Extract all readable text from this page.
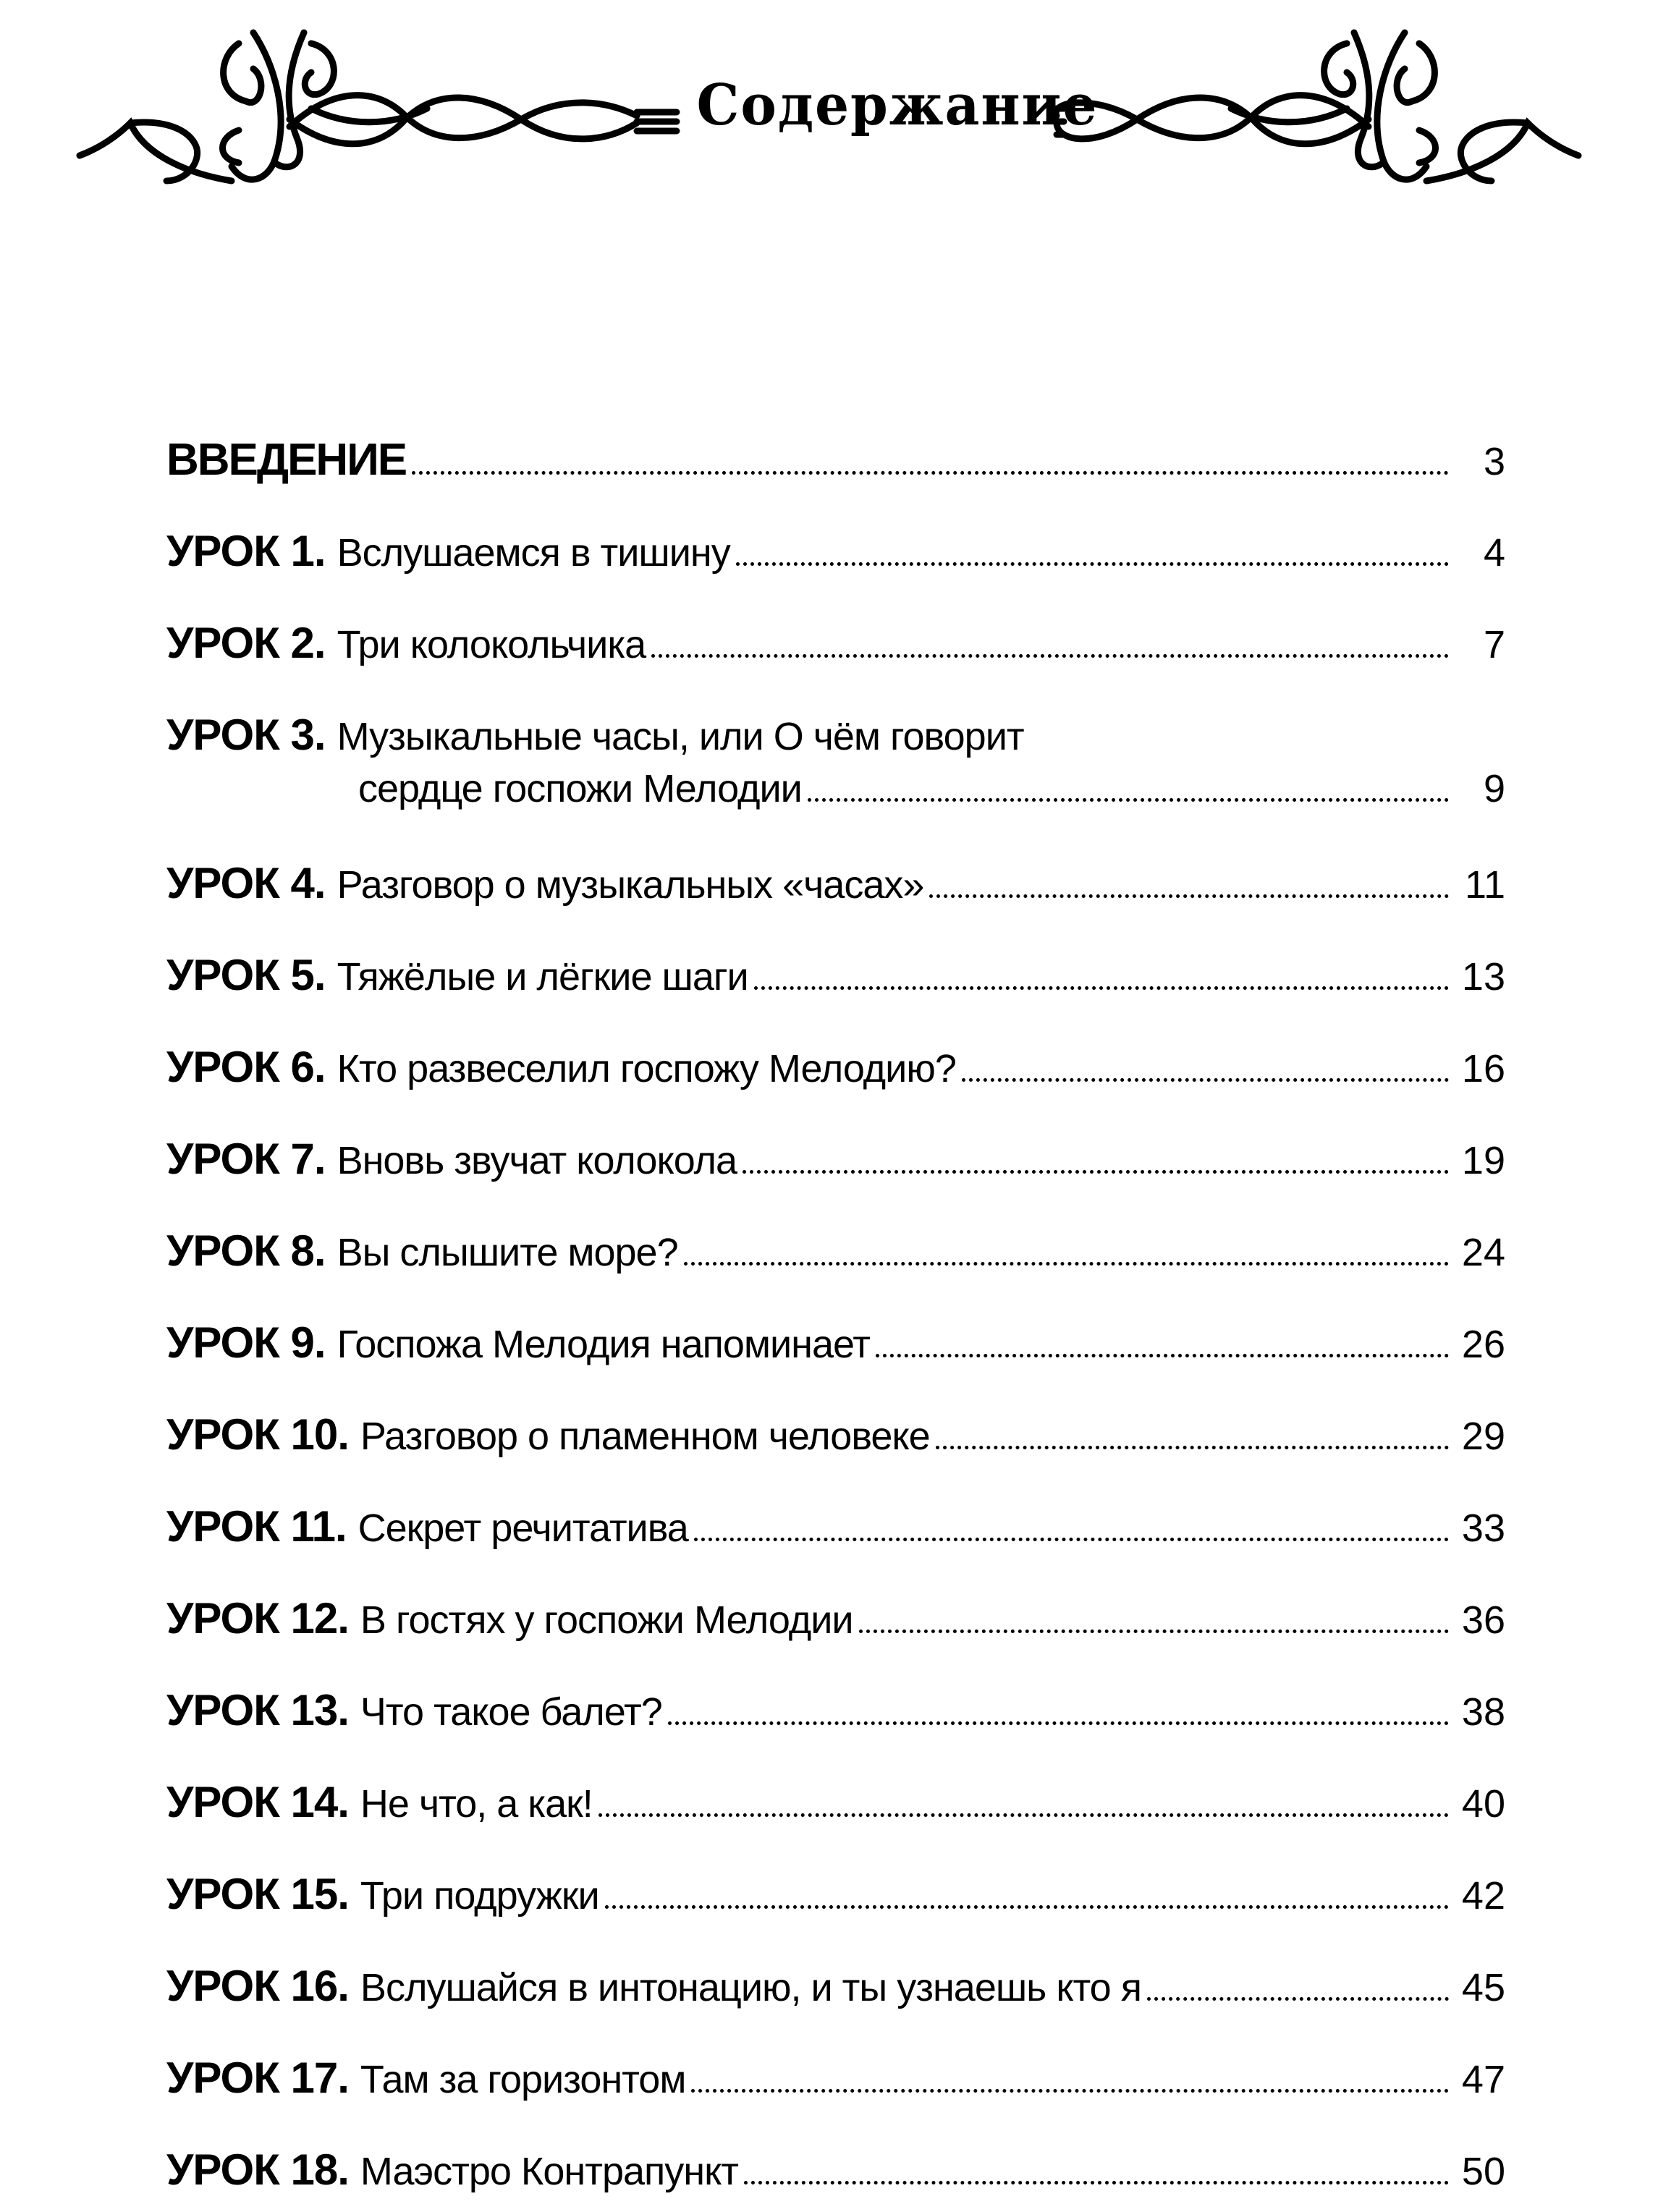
Содержание
ВВЕДЕНИЕ	3
УРОК 1. Вслушаемся в тишину	4
УРОК 2. Три колокольчика	7
УРОК 3. Музыкальные часы, или О чём говорит
сердце госпожи Мелодии	9
УРОК 4. Разговор о музыкальных «часах»	11
УРОК 5. Тяжёлые и лёгкие шаги	13
УРОК 6. Кто развеселил госпожу Мелодию?	16
УРОК 7. Вновь звучат колокола	19
УРОК 8. Вы слышите море?	24
УРОК 9. Госпожа Мелодия напоминает	26
УРОК 10. Разговор о пламенном человеке	29
УРОК 11. Секрет речитатива	33
УРОК 12. В гостях у госпожи Мелодии	36
УРОК 13. Что такое балет?	38
УРОК 14. Не что, а как!	40
УРОК 15. Три подружки	42
УРОК 16. Вслушайся в интонацию, и ты узнаешь кто я	45
УРОК 17. Там за горизонтом	47
УРОК 18. Маэстро Контрапункт	50
